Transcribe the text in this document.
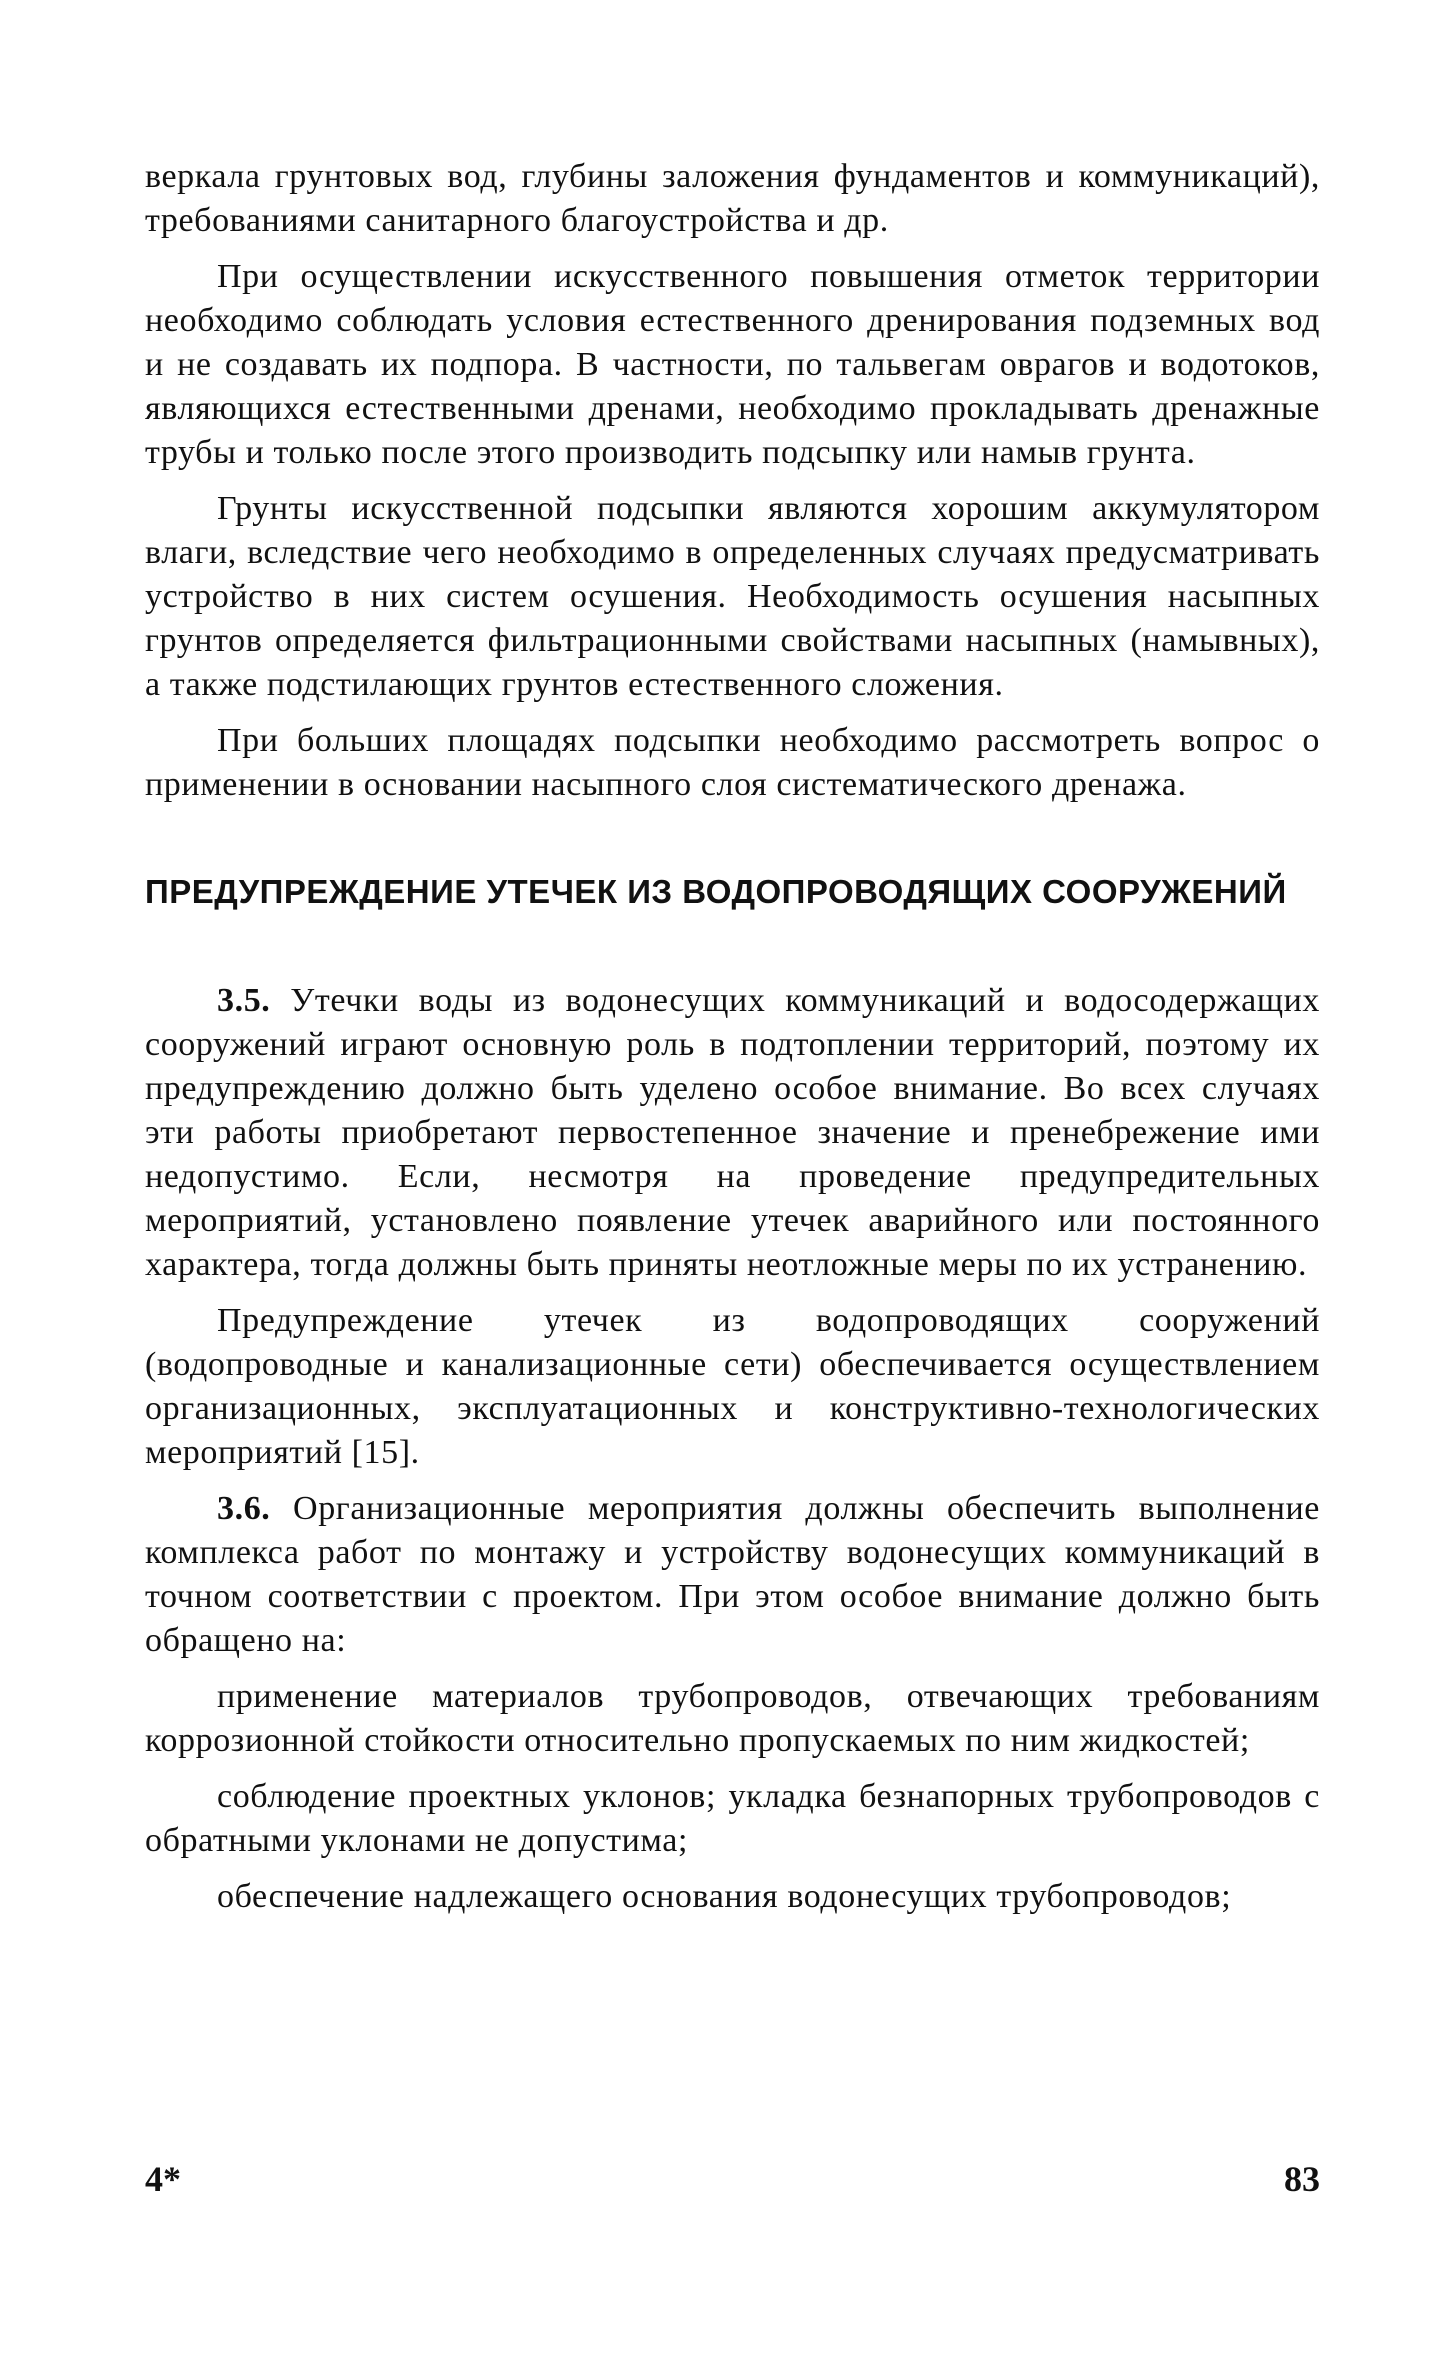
веркала грунтовых вод, глубины заложения фундаментов и коммуникаций), требованиями санитарного благоустройства и др.

При осуществлении искусственного повышения отметок территории необходимо соблюдать условия естественного дренирования подземных вод и не создавать их подпора. В частности, по тальвегам оврагов и водотоков, являющихся естественными дренами, необходимо прокладывать дренажные трубы и только после этого производить подсыпку или намыв грунта.

Грунты искусственной подсыпки являются хорошим аккумулятором влаги, вследствие чего необходимо в определенных случаях предусматривать устройство в них систем осушения. Необходимость осушения насыпных грунтов определяется фильтрационными свойствами насыпных (намывных), а также подстилающих грунтов естественного сложения.

При больших площадях подсыпки необходимо рассмотреть вопрос о применении в основании насыпного слоя систематического дренажа.

ПРЕДУПРЕЖДЕНИЕ УТЕЧЕК ИЗ ВОДОПРОВОДЯЩИХ СООРУЖЕНИЙ

3.5. Утечки воды из водонесущих коммуникаций и водосодержащих сооружений играют основную роль в подтоплении территорий, поэтому их предупреждению должно быть уделено особое внимание. Во всех случаях эти работы приобретают первостепенное значение и пренебрежение ими недопустимо. Если, несмотря на проведение предупредительных мероприятий, установлено появление утечек аварийного или постоянного характера, тогда должны быть приняты неотложные меры по их устранению.

Предупреждение утечек из водопроводящих сооружений (водопроводные и канализационные сети) обеспечивается осуществлением организационных, эксплуатационных и конструктивно-технологических мероприятий [15].

3.6. Организационные мероприятия должны обеспечить выполнение комплекса работ по монтажу и устройству водонесущих коммуникаций в точном соответствии с проектом. При этом особое внимание должно быть обращено на:

применение материалов трубопроводов, отвечающих требованиям коррозионной стойкости относительно пропускаемых по ним жидкостей;

соблюдение проектных уклонов; укладка безнапорных трубопроводов с обратными уклонами не допустима;

обеспечение надлежащего основания водонесущих трубопроводов;

4*	83
